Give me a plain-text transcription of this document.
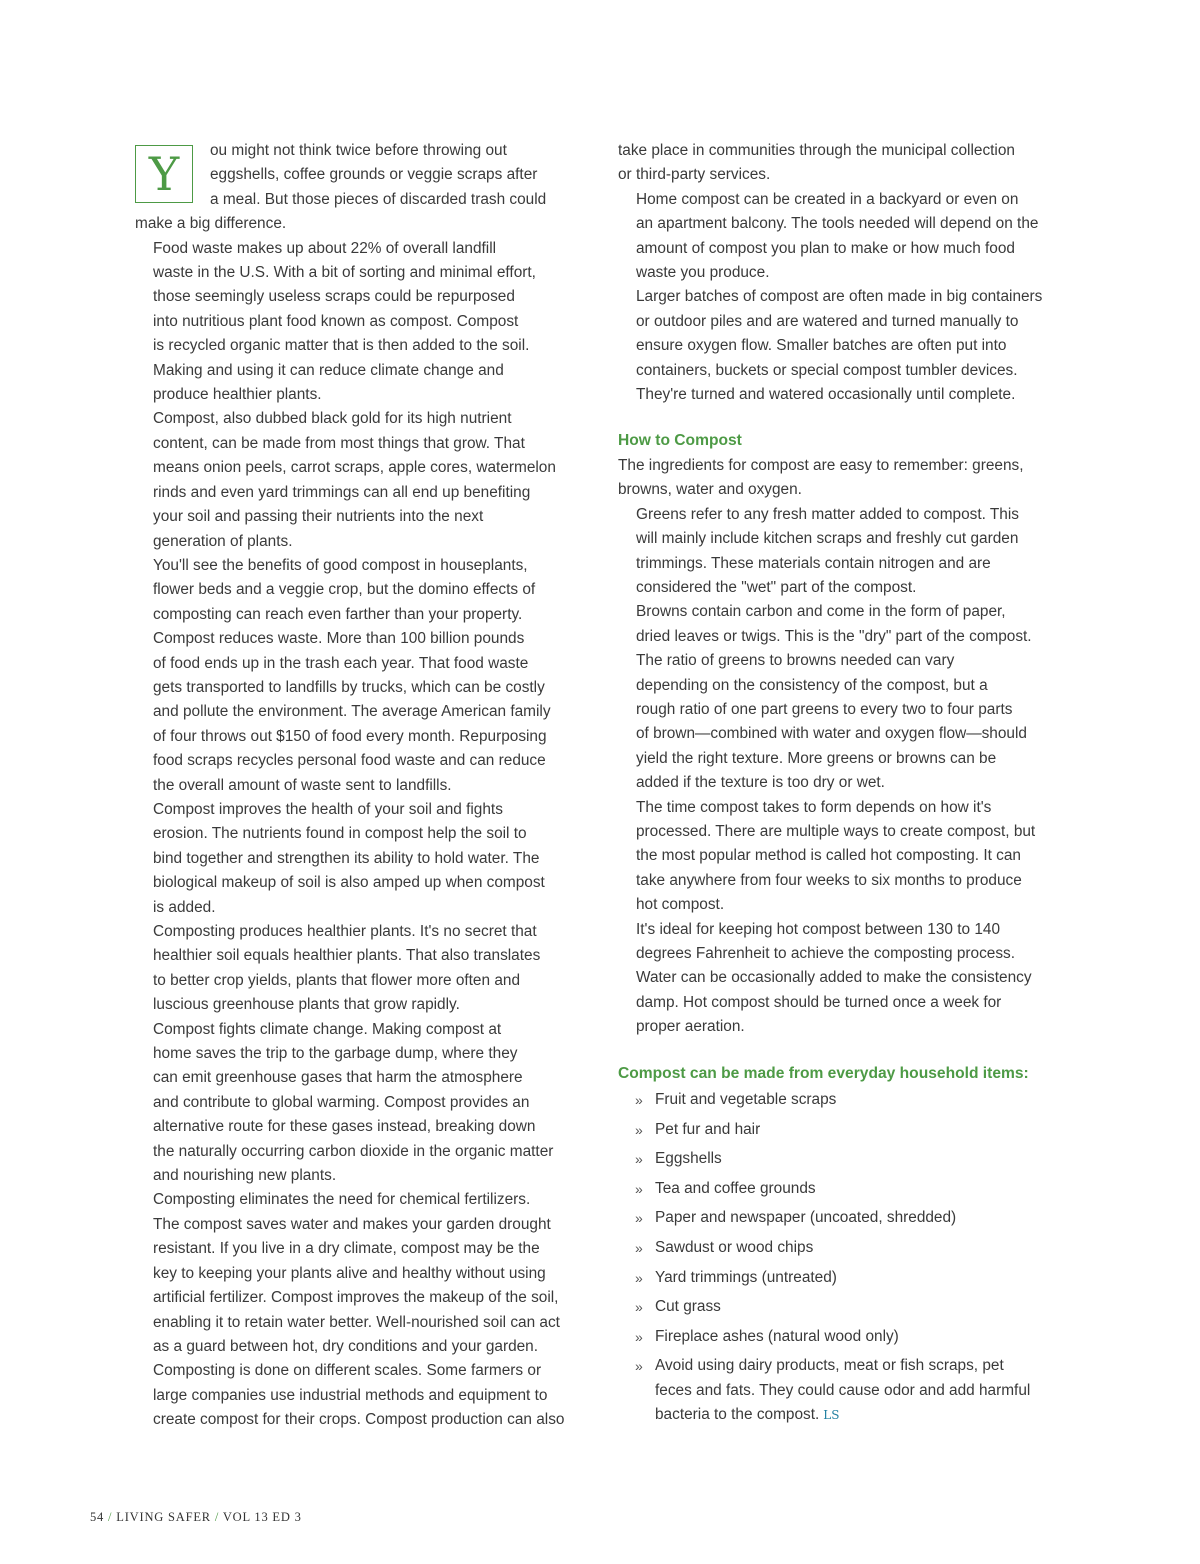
Y	ou might not think twice before throwing out
eggshells, coffee grounds or veggie scraps after
a meal. But those pieces of discarded trash could
make a big difference.

Food waste makes up about 22% of overall landfill
waste in the U.S. With a bit of sorting and minimal effort,
those seemingly useless scraps could be repurposed
into nutritious plant food known as compost. Compost
is recycled organic matter that is then added to the soil.
Making and using it can reduce climate change and
produce healthier plants.

Compost, also dubbed black gold for its high nutrient
content, can be made from most things that grow. That
means onion peels, carrot scraps, apple cores, watermelon
rinds and even yard trimmings can all end up benefiting
your soil and passing their nutrients into the next
generation of plants.

You'll see the benefits of good compost in houseplants,
flower beds and a veggie crop, but the domino effects of
composting can reach even farther than your property.

Compost reduces waste. More than 100 billion pounds
of food ends up in the trash each year. That food waste
gets transported to landfills by trucks, which can be costly
and pollute the environment. The average American family
of four throws out $150 of food every month. Repurposing
food scraps recycles personal food waste and can reduce
the overall amount of waste sent to landfills.

Compost improves the health of your soil and fights
erosion. The nutrients found in compost help the soil to
bind together and strengthen its ability to hold water. The
biological makeup of soil is also amped up when compost
is added.

Composting produces healthier plants. It's no secret that
healthier soil equals healthier plants. That also translates
to better crop yields, plants that flower more often and
luscious greenhouse plants that grow rapidly.

Compost fights climate change. Making compost at
home saves the trip to the garbage dump, where they
can emit greenhouse gases that harm the atmosphere
and contribute to global warming. Compost provides an
alternative route for these gases instead, breaking down
the naturally occurring carbon dioxide in the organic matter
and nourishing new plants.

Composting eliminates the need for chemical fertilizers.
The compost saves water and makes your garden drought
resistant. If you live in a dry climate, compost may be the
key to keeping your plants alive and healthy without using
artificial fertilizer. Compost improves the makeup of the soil,
enabling it to retain water better. Well-nourished soil can act
as a guard between hot, dry conditions and your garden.

Composting is done on different scales. Some farmers or
large companies use industrial methods and equipment to
create compost for their crops. Compost production can also

take place in communities through the municipal collection
or third-party services.

Home compost can be created in a backyard or even on
an apartment balcony. The tools needed will depend on the
amount of compost you plan to make or how much food
waste you produce.

Larger batches of compost are often made in big containers
or outdoor piles and are watered and turned manually to
ensure oxygen flow. Smaller batches are often put into
containers, buckets or special compost tumbler devices.
They're turned and watered occasionally until complete.

How to Compost

The ingredients for compost are easy to remember: greens,
browns, water and oxygen.

Greens refer to any fresh matter added to compost. This
will mainly include kitchen scraps and freshly cut garden
trimmings. These materials contain nitrogen and are
considered the "wet" part of the compost.

Browns contain carbon and come in the form of paper,
dried leaves or twigs. This is the "dry" part of the compost.

The ratio of greens to browns needed can vary
depending on the consistency of the compost, but a
rough ratio of one part greens to every two to four parts
of brown—combined with water and oxygen flow—should
yield the right texture. More greens or browns can be
added if the texture is too dry or wet.

The time compost takes to form depends on how it's
processed. There are multiple ways to create compost, but
the most popular method is called hot composting. It can
take anywhere from four weeks to six months to produce
hot compost.

It's ideal for keeping hot compost between 130 to 140
degrees Fahrenheit to achieve the composting process.
Water can be occasionally added to make the consistency
damp. Hot compost should be turned once a week for
proper aeration.

Compost can be made from everyday household items:
» Fruit and vegetable scraps
» Pet fur and hair
» Eggshells
» Tea and coffee grounds
» Paper and newspaper (uncoated, shredded)
» Sawdust or wood chips
» Yard trimmings (untreated)
» Cut grass
» Fireplace ashes (natural wood only)
» Avoid using dairy products, meat or fish scraps, pet
feces and fats. They could cause odor and add harmful
bacteria to the compost. LS
54 / LIVING SAFER / VOL 13 ED 3
